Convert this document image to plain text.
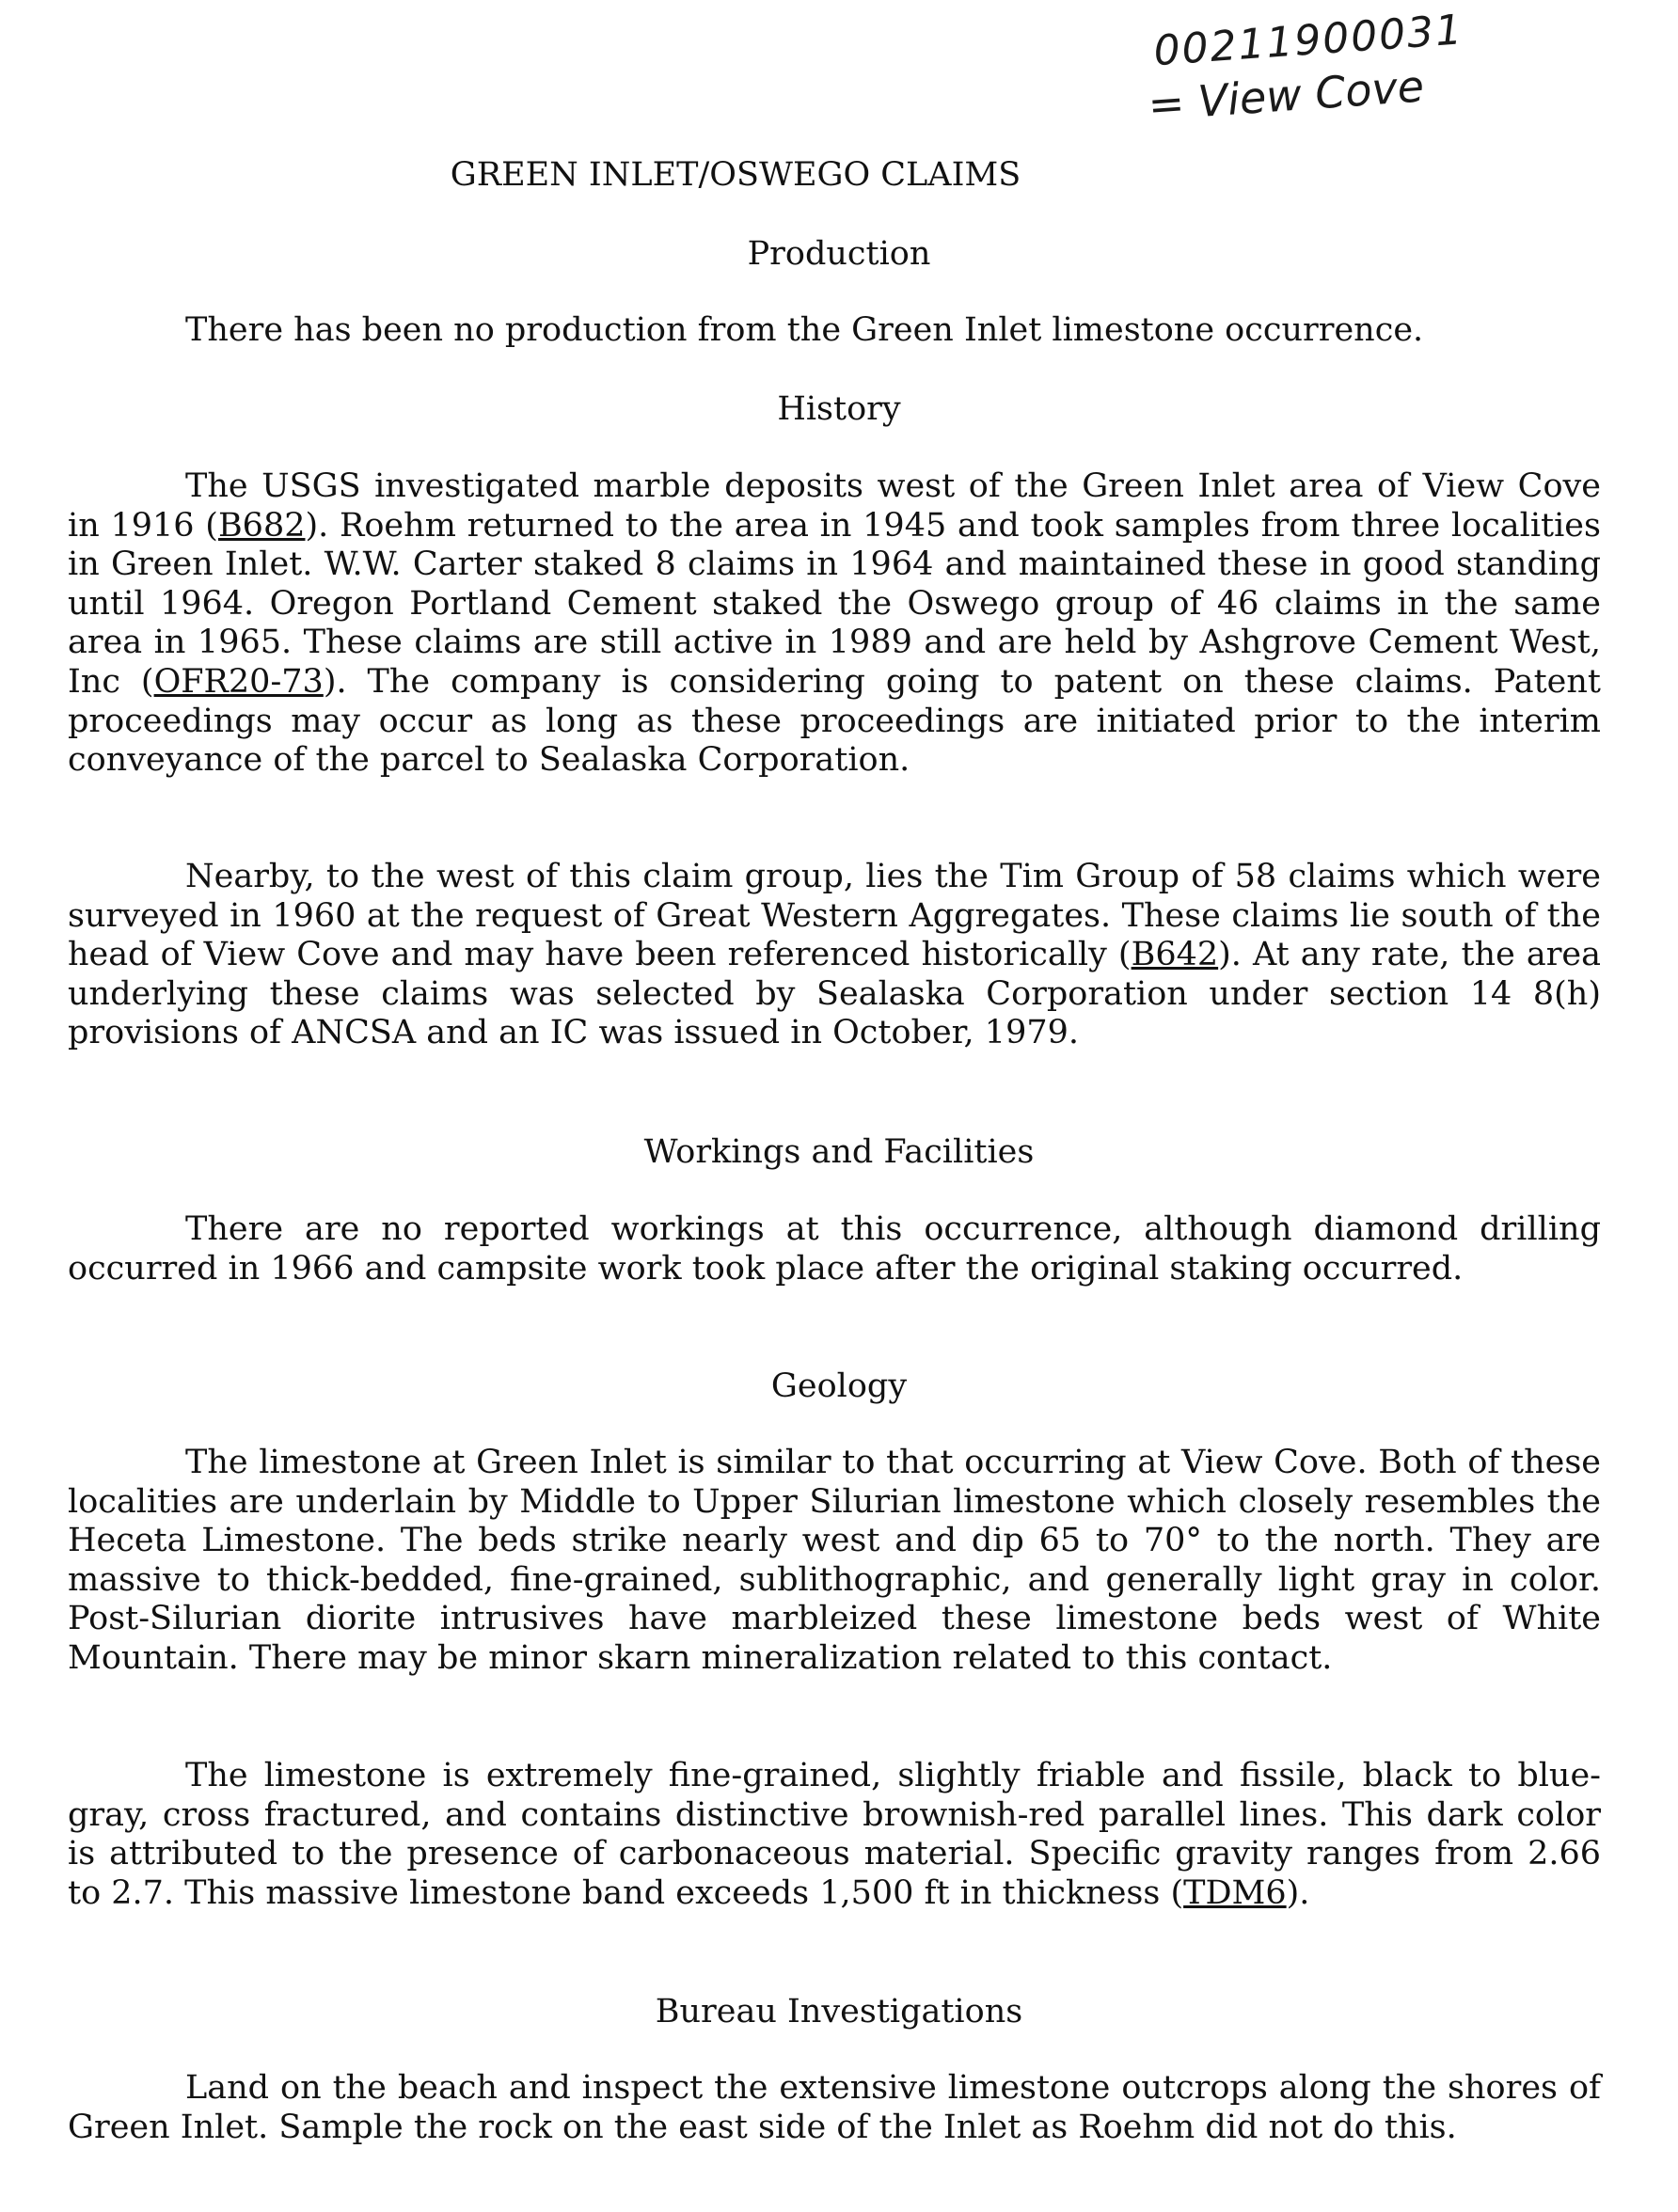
00211900031
= View Cove
GREEN INLET/OSWEGO CLAIMS
Production
There has been no production from the Green Inlet limestone occurrence.
History
The USGS investigated marble deposits west of the Green Inlet area of View Cove in 1916 (B682). Roehm returned to the area in 1945 and took samples from three localities in Green Inlet. W.W. Carter staked 8 claims in 1964 and maintained these in good standing until 1964. Oregon Portland Cement staked the Oswego group of 46 claims in the same area in 1965. These claims are still active in 1989 and are held by Ashgrove Cement West, Inc (OFR20-73). The company is considering going to patent on these claims. Patent proceedings may occur as long as these proceedings are initiated prior to the interim conveyance of the parcel to Sealaska Corporation.
Nearby, to the west of this claim group, lies the Tim Group of 58 claims which were surveyed in 1960 at the request of Great Western Aggregates. These claims lie south of the head of View Cove and may have been referenced historically (B642). At any rate, the area underlying these claims was selected by Sealaska Corporation under section 14 8(h) provisions of ANCSA and an IC was issued in October, 1979.
Workings and Facilities
There are no reported workings at this occurrence, although diamond drilling occurred in 1966 and campsite work took place after the original staking occurred.
Geology
The limestone at Green Inlet is similar to that occurring at View Cove. Both of these localities are underlain by Middle to Upper Silurian limestone which closely resembles the Heceta Limestone. The beds strike nearly west and dip 65 to 70° to the north. They are massive to thick-bedded, fine-grained, sublithographic, and generally light gray in color. Post-Silurian diorite intrusives have marbleized these limestone beds west of White Mountain. There may be minor skarn mineralization related to this contact.
The limestone is extremely fine-grained, slightly friable and fissile, black to blue-gray, cross fractured, and contains distinctive brownish-red parallel lines. This dark color is attributed to the presence of carbonaceous material. Specific gravity ranges from 2.66 to 2.7. This massive limestone band exceeds 1,500 ft in thickness (TDM6).
Bureau Investigations
Land on the beach and inspect the extensive limestone outcrops along the shores of Green Inlet. Sample the rock on the east side of the Inlet as Roehm did not do this.
